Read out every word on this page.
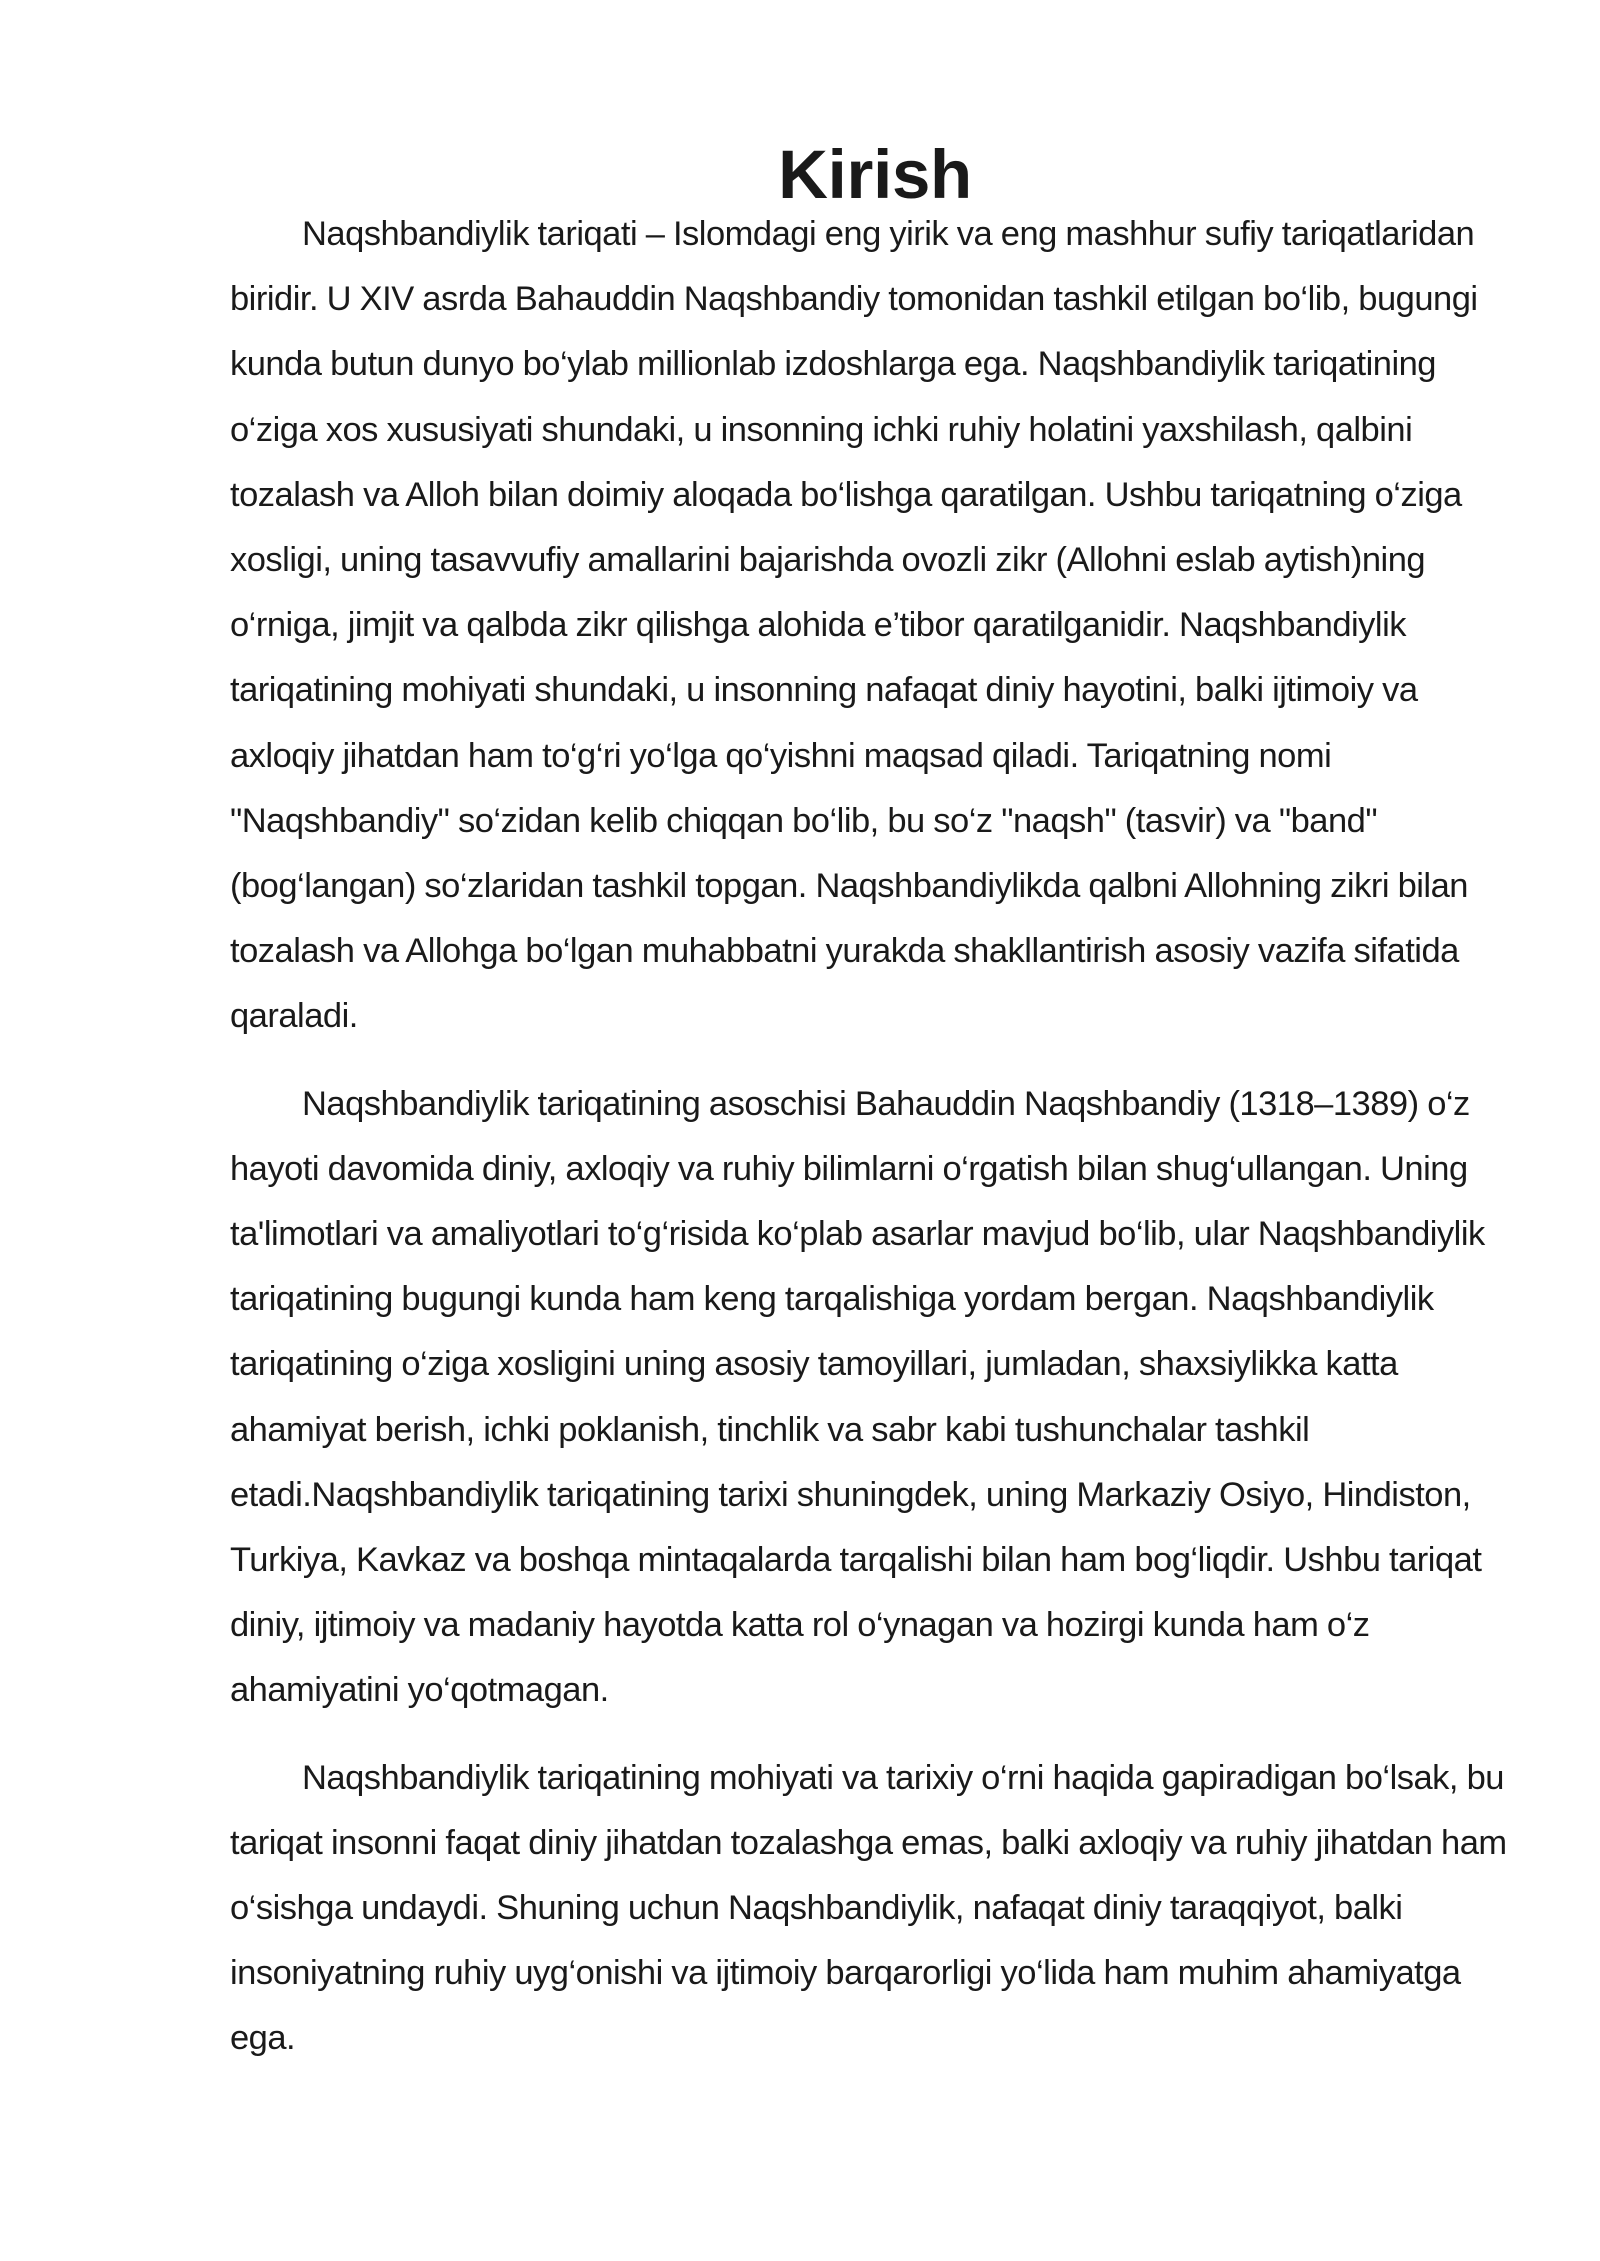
Kirish

Naqshbandiylik tariqati – Islomdagi eng yirik va eng mashhur sufiy tariqatlaridan biridir. U XIV asrda Bahauddin Naqshbandiy tomonidan tashkil etilgan bo‘lib, bugungi kunda butun dunyo bo‘ylab millionlab izdoshlarga ega. Naqshbandiylik tariqatining o‘ziga xos xususiyati shundaki, u insonning ichki ruhiy holatini yaxshilash, qalbini tozalash va Alloh bilan doimiy aloqada bo‘lishga qaratilgan. Ushbu tariqatning o‘ziga xosligi, uning tasavvufiy amallarini bajarishda ovozli zikr (Allohni eslab aytish)ning o‘rniga, jimjit va qalbda zikr qilishga alohida e’tibor qaratilganidir. Naqshbandiylik tariqatining mohiyati shundaki, u insonning nafaqat diniy hayotini, balki ijtimoiy va axloqiy jihatdan ham to‘g‘ri yo‘lga qo‘yishni maqsad qiladi. Tariqatning nomi "Naqshbandiy" so‘zidan kelib chiqqan bo‘lib, bu so‘z "naqsh" (tasvir) va "band" (bog‘langan) so‘zlaridan tashkil topgan. Naqshbandiylikda qalbni Allohning zikri bilan tozalash va Allohga bo‘lgan muhabbatni yurakda shakllantirish asosiy vazifa sifatida qaraladi.

Naqshbandiylik tariqatining asoschisi Bahauddin Naqshbandiy (1318–1389) o‘z hayoti davomida diniy, axloqiy va ruhiy bilimlarni o‘rgatish bilan shug‘ullangan. Uning ta'limotlari va amaliyotlari to‘g‘risida ko‘plab asarlar mavjud bo‘lib, ular Naqshbandiylik tariqatining bugungi kunda ham keng tarqalishiga yordam bergan. Naqshbandiylik tariqatining o‘ziga xosligini uning asosiy tamoyillari, jumladan, shaxsiylikka katta ahamiyat berish, ichki poklanish, tinchlik va sabr kabi tushunchalar tashkil etadi.Naqshbandiylik tariqatining tarixi shuningdek, uning Markaziy Osiyo, Hindiston, Turkiya, Kavkaz va boshqa mintaqalarda tarqalishi bilan ham bog‘liqdir. Ushbu tariqat diniy, ijtimoiy va madaniy hayotda katta rol o‘ynagan va hozirgi kunda ham o‘z ahamiyatini yo‘qotmagan.

Naqshbandiylik tariqatining mohiyati va tarixiy o‘rni haqida gapiradigan bo‘lsak, bu tariqat insonni faqat diniy jihatdan tozalashga emas, balki axloqiy va ruhiy jihatdan ham o‘sishga undaydi. Shuning uchun Naqshbandiylik, nafaqat diniy taraqqiyot, balki insoniyatning ruhiy uyg‘onishi va ijtimoiy barqarorligi yo‘lida ham muhim ahamiyatga ega.
